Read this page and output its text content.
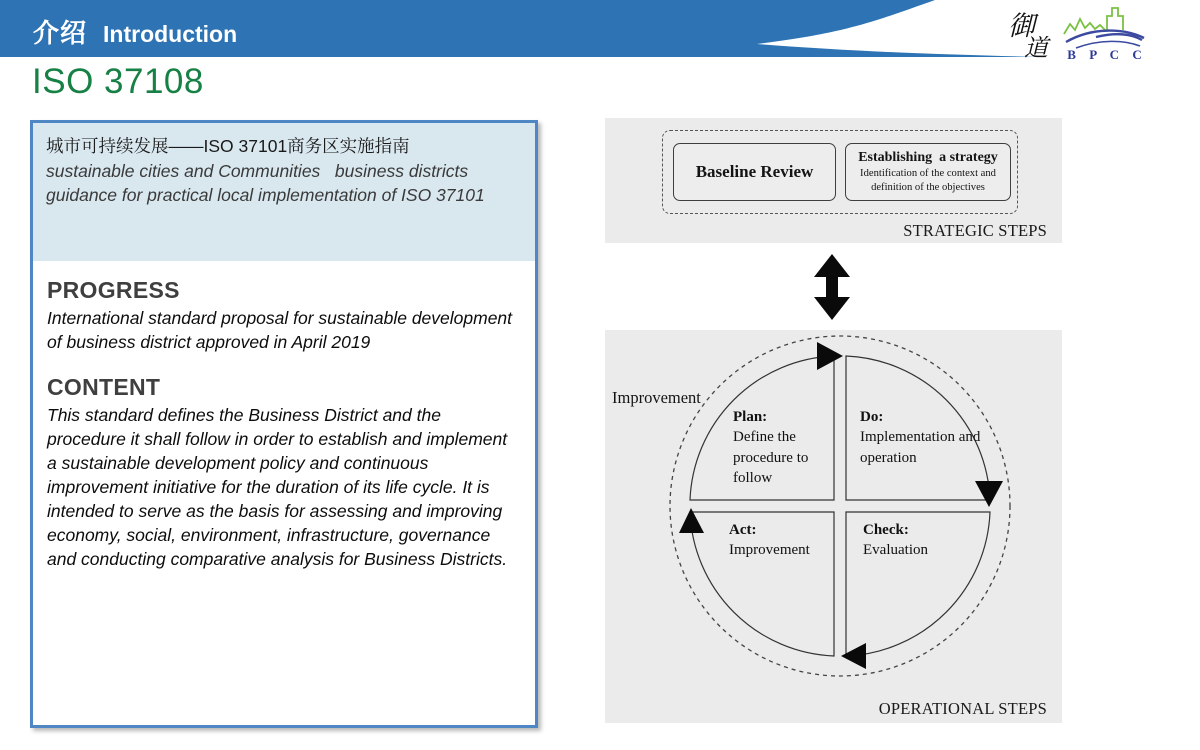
介绍 Introduction	御
道 B P C C
ISO 37108
城市可持续发展——ISO 37101商务区实施指南
sustainable cities and Communities   business districts guidance for practical local implementation of ISO 37101
PROGRESS
International standard proposal for sustainable development of business district approved in April 2019
CONTENT
This standard defines the Business District and the procedure it shall follow in order to establish and implement a sustainable development policy and continuous improvement initiative for the duration of its life cycle. It is intended to serve as the basis for assessing and improving economy, social, environment, infrastructure, governance and conducting comparative analysis for Business Districts.
Baseline Review
Establishing  a strategy
Identification of the context and definition of the objectives
STRATEGIC STEPS
Improvement
Plan:
Define the procedure to follow
Do:
Implementation and operation
Act:
Improvement
Check:
Evaluation
OPERATIONAL STEPS
